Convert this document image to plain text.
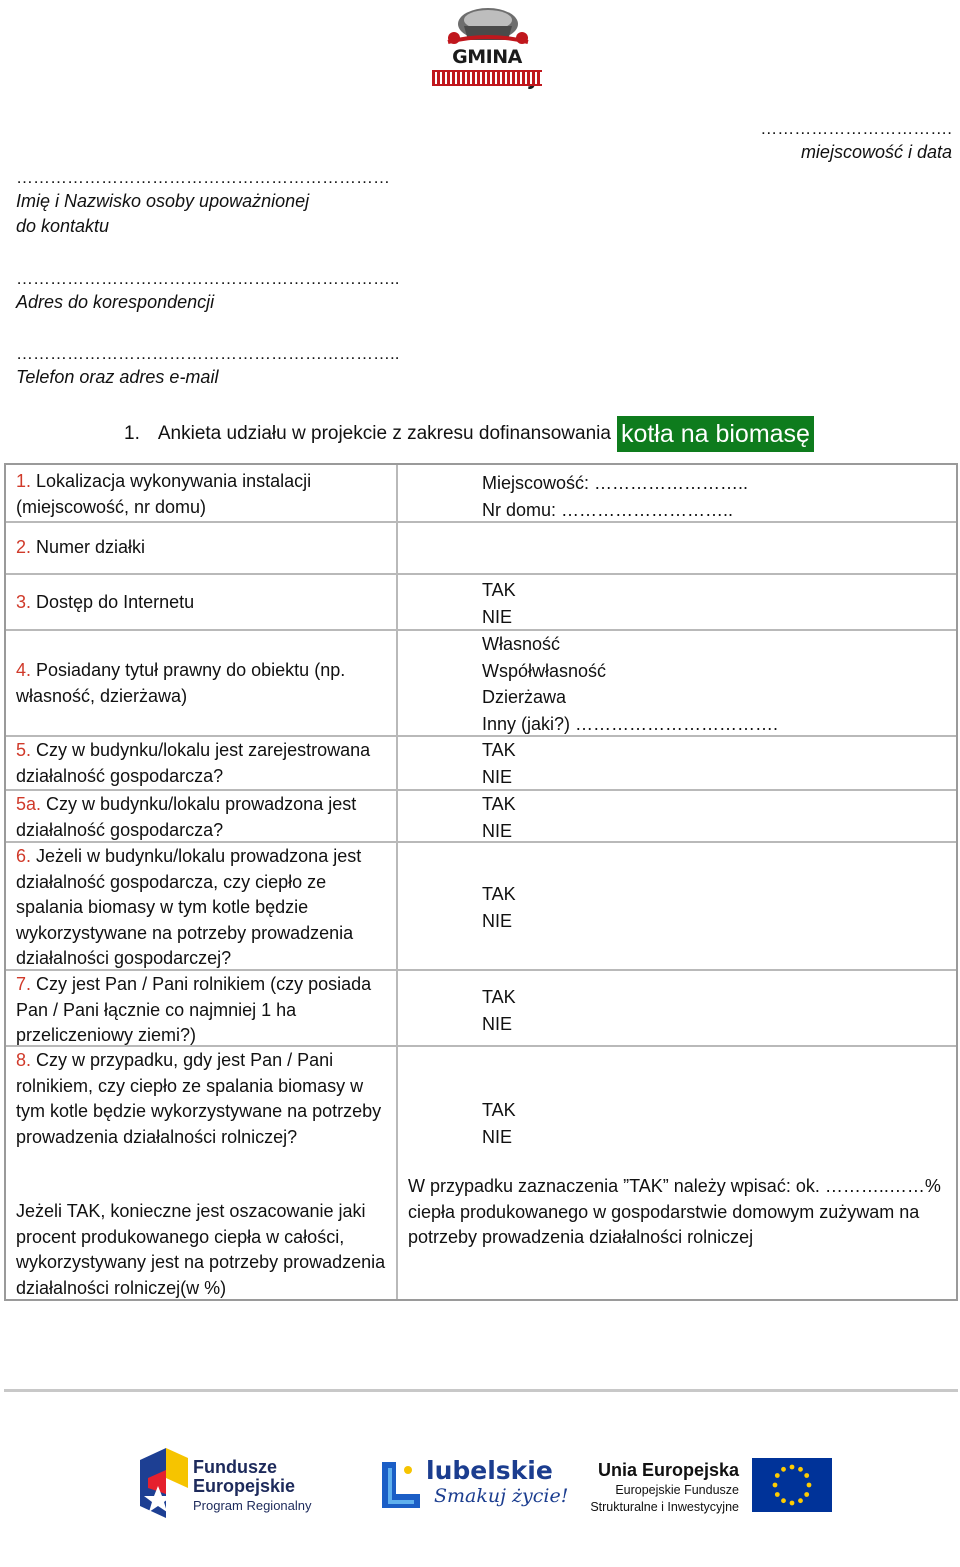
GMINA
…………………………….
miejscowość i data
…………………………………………………………
Imię i Nazwisko osoby upoważnionej
do kontaktu
…………………………………………………………..
Adres do korespondencji
…………………………………………………………..
Telefon oraz adres e-mail
1. Ankieta udziału w projekcie z zakresu dofinansowania kotła na biomasę
1. Lokalizacja wykonywania instalacji (miejscowość, nr domu)
Miejscowość: ……………………..
Nr domu: ………………………..
2. Numer działki
3. Dostęp do Internetu
TAK
NIE
4. Posiadany tytuł prawny do obiektu (np. własność, dzierżawa)
Własność
Współwłasność
Dzierżawa
Inny (jaki?) …………………………….
5. Czy w budynku/lokalu jest zarejestrowana działalność gospodarcza?
TAK
NIE
5a. Czy w budynku/lokalu prowadzona jest działalność gospodarcza?
TAK
NIE
6. Jeżeli w budynku/lokalu prowadzona jest działalność gospodarcza, czy ciepło ze spalania biomasy w tym kotle będzie wykorzystywane na potrzeby prowadzenia działalności gospodarczej?
TAK
NIE
7. Czy jest Pan / Pani rolnikiem (czy posiada Pan / Pani łącznie co najmniej 1 ha przeliczeniowy ziemi?)
TAK
NIE
8. Czy w przypadku, gdy jest Pan / Pani rolnikiem, czy ciepło ze spalania biomasy w tym kotle będzie wykorzystywane na potrzeby prowadzenia działalności rolniczej?
Jeżeli TAK, konieczne jest oszacowanie jaki procent produkowanego ciepła w całości, wykorzystywany jest na potrzeby prowadzenia działalności rolniczej(w %)
TAK
NIE
W przypadku zaznaczenia ”TAK” należy wpisać: ok. ………..……% ciepła produkowanego w gospodarstwie domowym zużywam na potrzeby prowadzenia działalności rolniczej
Fundusze
Europejskie
Program Regionalny
lubelskie
Smakuj życie!
Unia Europejska
Europejskie Fundusze
Strukturalne i Inwestycyjne
